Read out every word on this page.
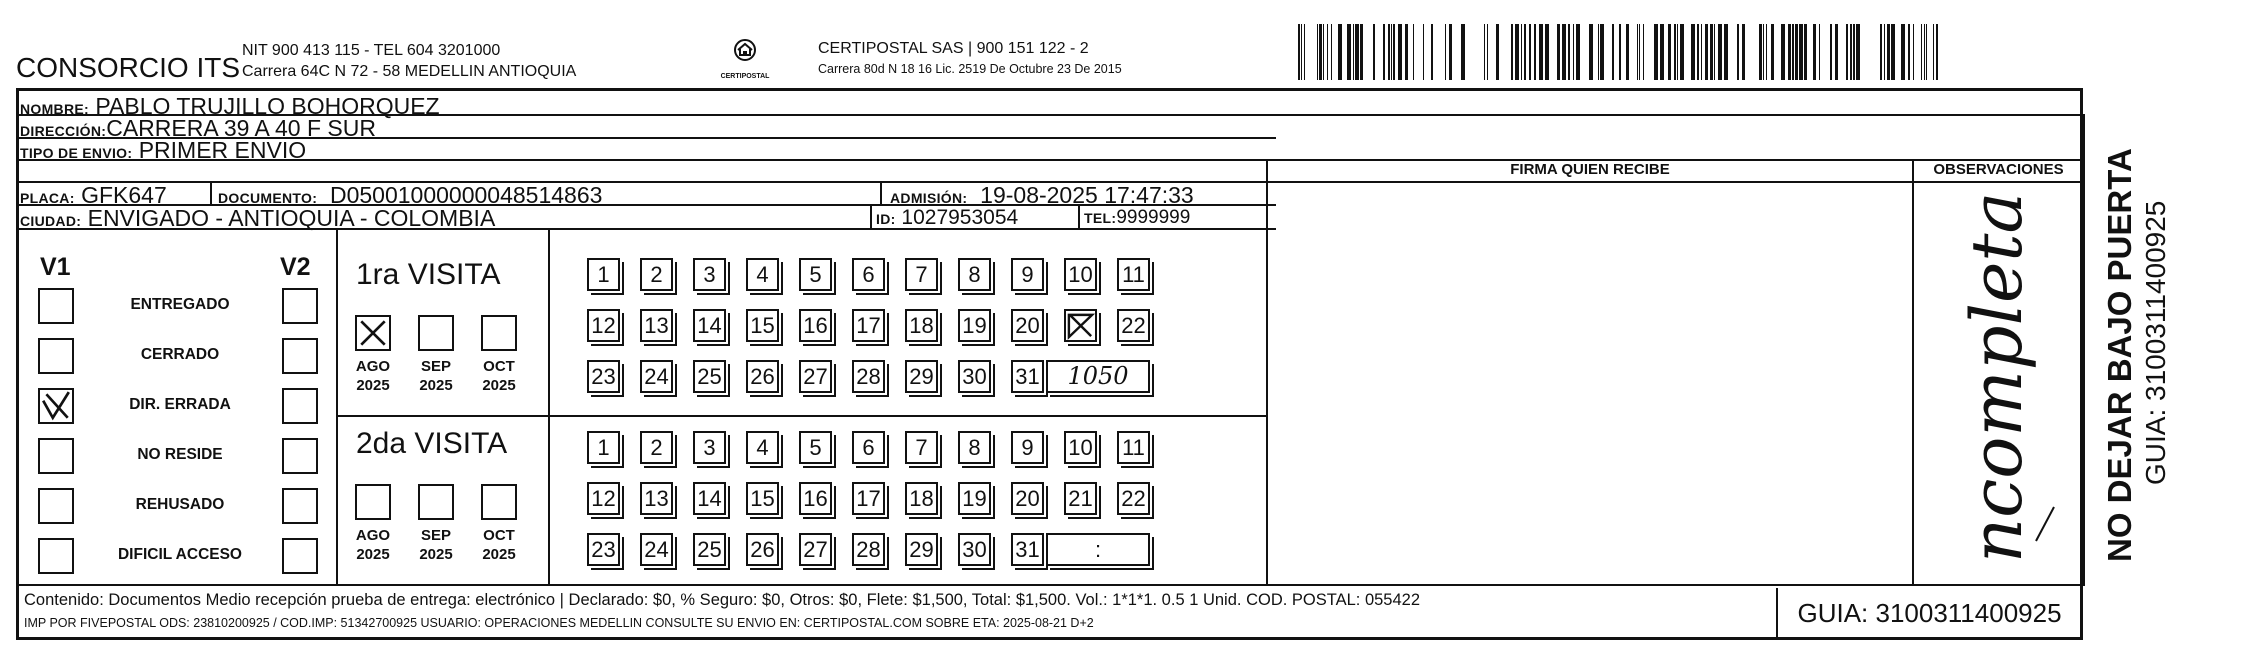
CONSORCIO ITS
NIT 900 413 115 - TEL 604 3201000
Carrera 64C N 72 - 58 MEDELLIN ANTIOQUIA	CERTIPOSTAL
CERTIPOSTAL SAS | 900 151 122 - 2
Carrera 80d N 18 16 Lic. 2519 De Octubre 23 De 2015
NOMBRE: PABLO TRUJILLO BOHORQUEZ
DIRECCIÓN:CARRERA 39 A 40 F SUR
TIPO DE ENVIO: PRIMER ENVIO
PLACA: GFK647	DOCUMENTO: D05001000000048514863	ADMISIÓN: 19-08-2025 17:47:33
CIUDAD: ENVIGADO - ANTIOQUIA - COLOMBIA	ID: 1027953054	TEL:9999999
FIRMA QUIEN RECIBE	OBSERVACIONES
ncompleta
V1	V2
ENTREGADO
CERRADO
DIR. ERRADA
NO RESIDE
REHUSADO
DIFICIL ACCESO
1ra VISITA
AGO
2025
SEP
2025
OCT
2025
1	2	3	4	5	6	7	8	9	10 11
12 13 14 15 16 17 18 19 20	22
23 24 25 26 27 28 29 30 31	1050
2da VISITA
AGO
2025
SEP
2025
OCT
2025
1	2	3	4	5	6	7	8	9	10 11
12 13 14 15 16 17 18 19 20 21 22
23 24 25 26 27 28 29 30 31	:
Contenido: Documentos Medio recepción prueba de entrega: electrónico | Declarado: $0, % Seguro: $0, Otros: $0, Flete: $1,500, Total: $1,500. Vol.: 1*1*1. 0.5 1 Unid. COD. POSTAL: 055422
IMP POR FIVEPOSTAL ODS: 23810200925 / COD.IMP: 51342700925 USUARIO: OPERACIONES MEDELLIN CONSULTE SU ENVIO EN: CERTIPOSTAL.COM SOBRE ETA: 2025-08-21 D+2	GUIA: 3100311400925
NO DEJAR BAJO PUERTA GUIA: 3100311400925
